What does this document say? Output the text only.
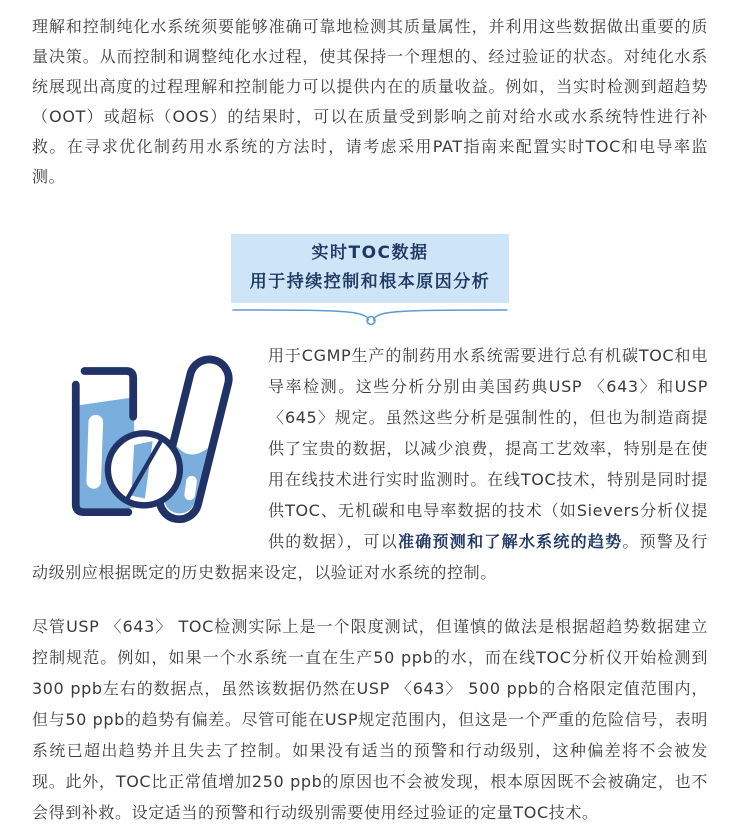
理解和控制纯化水系统须要能够准确可靠地检测其质量属性，并利用这些数据做出重要的质量决策。从而控制和调整纯化水过程，使其保持一个理想的、经过验证的状态。对纯化水系统展现出高度的过程理解和控制能力可以提供内在的质量收益。例如，当实时检测到超趋势（OOT）或超标（OOS）的结果时，可以在质量受到影响之前对给水或水系统特性进行补救。在寻求优化制药用水系统的方法时，请考虑采用PAT指南来配置实时TOC和电导率监测。

实时TOC数据
用于持续控制和根本原因分析

用于CGMP生产的制药用水系统需要进行总有机碳TOC和电导率检测。这些分析分别由美国药典USP 〈643〉和USP〈645〉规定。虽然这些分析是强制性的，但也为制造商提供了宝贵的数据，以减少浪费，提高工艺效率，特别是在使用在线技术进行实时监测时。在线TOC技术，特别是同时提供TOC、无机碳和电导率数据的技术（如Sievers分析仪提供的数据），可以准确预测和了解水系统的趋势。预警及行动级别应根据既定的历史数据来设定，以验证对水系统的控制。

尽管USP 〈643〉 TOC检测实际上是一个限度测试，但谨慎的做法是根据超趋势数据建立控制规范。例如，如果一个水系统一直在生产50 ppb的水，而在线TOC分析仪开始检测到300 ppb左右的数据点，虽然该数据仍然在USP 〈643〉 500 ppb的合格限定值范围内，但与50 ppb的趋势有偏差。尽管可能在USP规定范围内，但这是一个严重的危险信号，表明系统已超出趋势并且失去了控制。如果没有适当的预警和行动级别，这种偏差将不会被发现。此外，TOC比正常值增加250 ppb的原因也不会被发现，根本原因既不会被确定，也不会得到补救。设定适当的预警和行动级别需要使用经过验证的定量TOC技术。
